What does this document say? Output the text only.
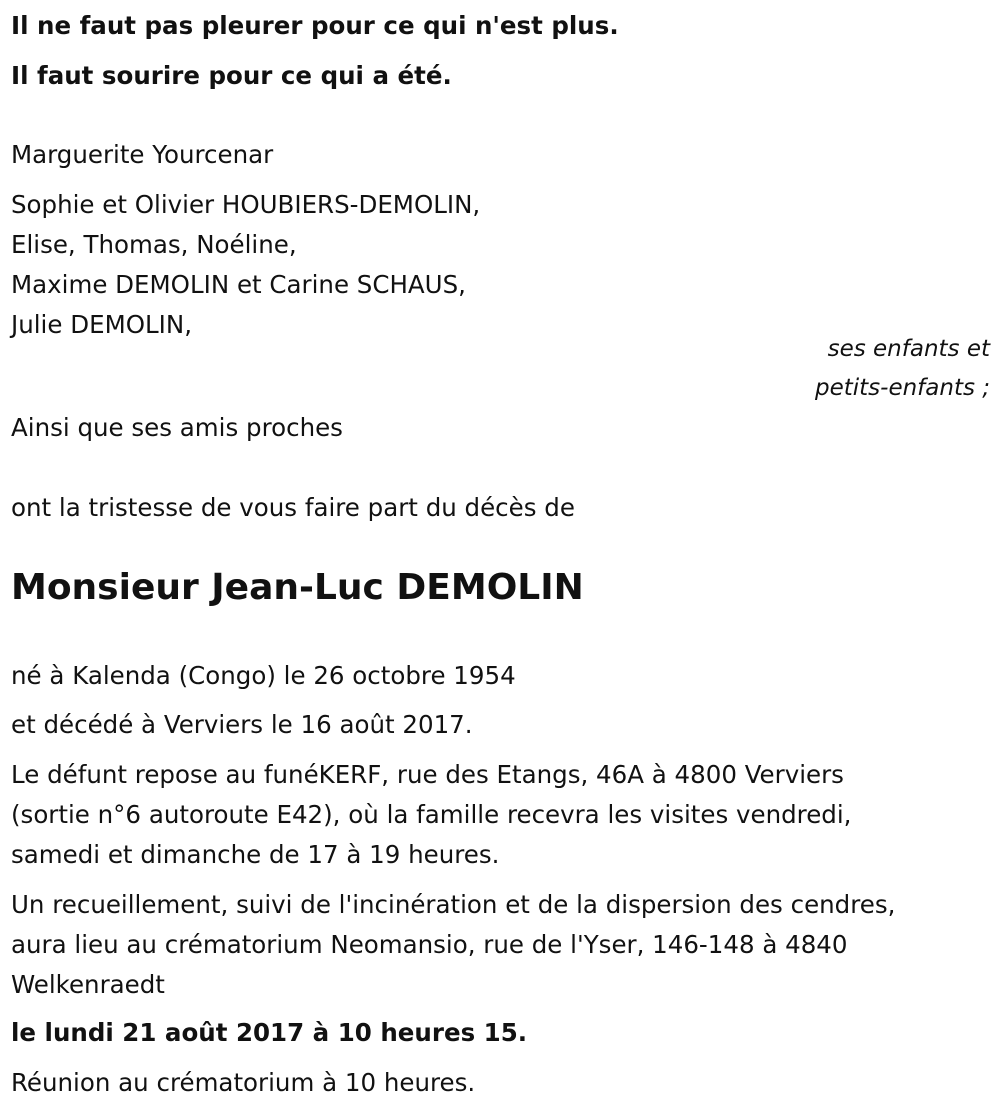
Il ne faut pas pleurer pour ce qui n'est plus.
Il faut sourire pour ce qui a été.
Marguerite Yourcenar
Sophie et Olivier HOUBIERS-DEMOLIN,
Elise, Thomas, Noéline,
Maxime DEMOLIN et Carine SCHAUS,
Julie DEMOLIN,
ses enfants et
petits-enfants ;
Ainsi que ses amis proches
ont la tristesse de vous faire part du décès de
Monsieur Jean-Luc DEMOLIN
né à Kalenda (Congo) le 26 octobre 1954
et décédé à Verviers le 16 août 2017.
Le défunt repose au funéKERF, rue des Etangs, 46A à 4800 Verviers
(sortie n°6 autoroute E42), où la famille recevra les visites vendredi,
samedi et dimanche de 17 à 19 heures.
Un recueillement, suivi de l'incinération et de la dispersion des cendres,
aura lieu au crématorium Neomansio, rue de l'Yser, 146-148 à 4840
Welkenraedt
le lundi 21 août 2017 à 10 heures 15.
Réunion au crématorium à 10 heures.
